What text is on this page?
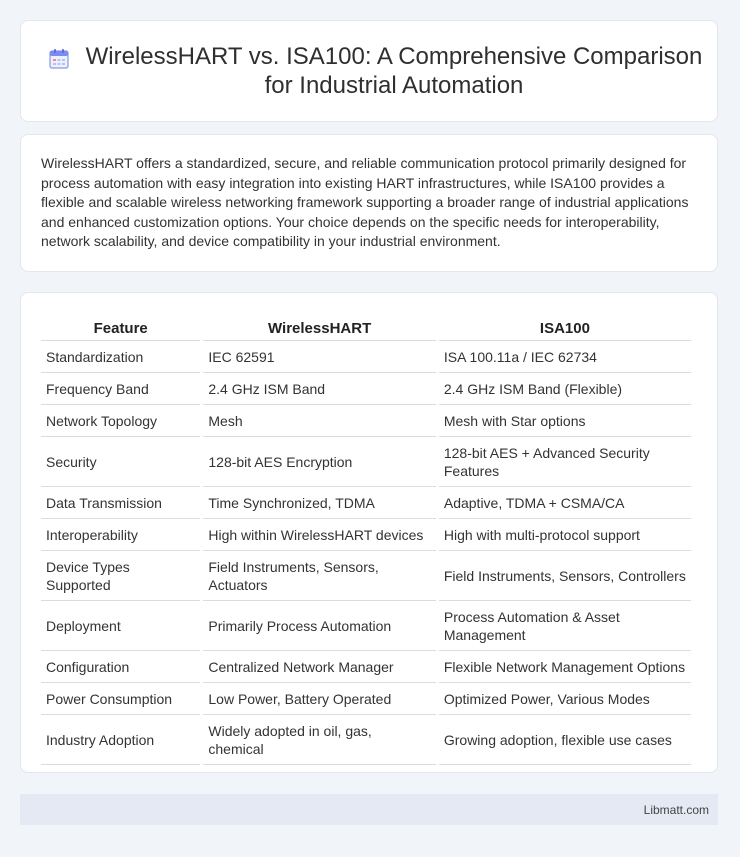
WirelessHART vs. ISA100: A Comprehensive Comparison for Industrial Automation

WirelessHART offers a standardized, secure, and reliable communication protocol primarily designed for process automation with easy integration into existing HART infrastructures, while ISA100 provides a flexible and scalable wireless networking framework supporting a broader range of industrial applications and enhanced customization options. Your choice depends on the specific needs for interoperability, network scalability, and device compatibility in your industrial environment.

Feature	WirelessHART	ISA100
Standardization	IEC 62591	ISA 100.11a / IEC 62734
Frequency Band	2.4 GHz ISM Band	2.4 GHz ISM Band (Flexible)
Network Topology	Mesh	Mesh with Star options
Security	128-bit AES Encryption	128-bit AES + Advanced Security Features
Data Transmission	Time Synchronized, TDMA	Adaptive, TDMA + CSMA/CA
Interoperability	High within WirelessHART devices	High with multi-protocol support
Device Types Supported	Field Instruments, Sensors, Actuators	Field Instruments, Sensors, Controllers
Deployment	Primarily Process Automation	Process Automation & Asset Management
Configuration	Centralized Network Manager	Flexible Network Management Options
Power Consumption	Low Power, Battery Operated	Optimized Power, Various Modes
Industry Adoption	Widely adopted in oil, gas, chemical	Growing adoption, flexible use cases
Libmatt.com
